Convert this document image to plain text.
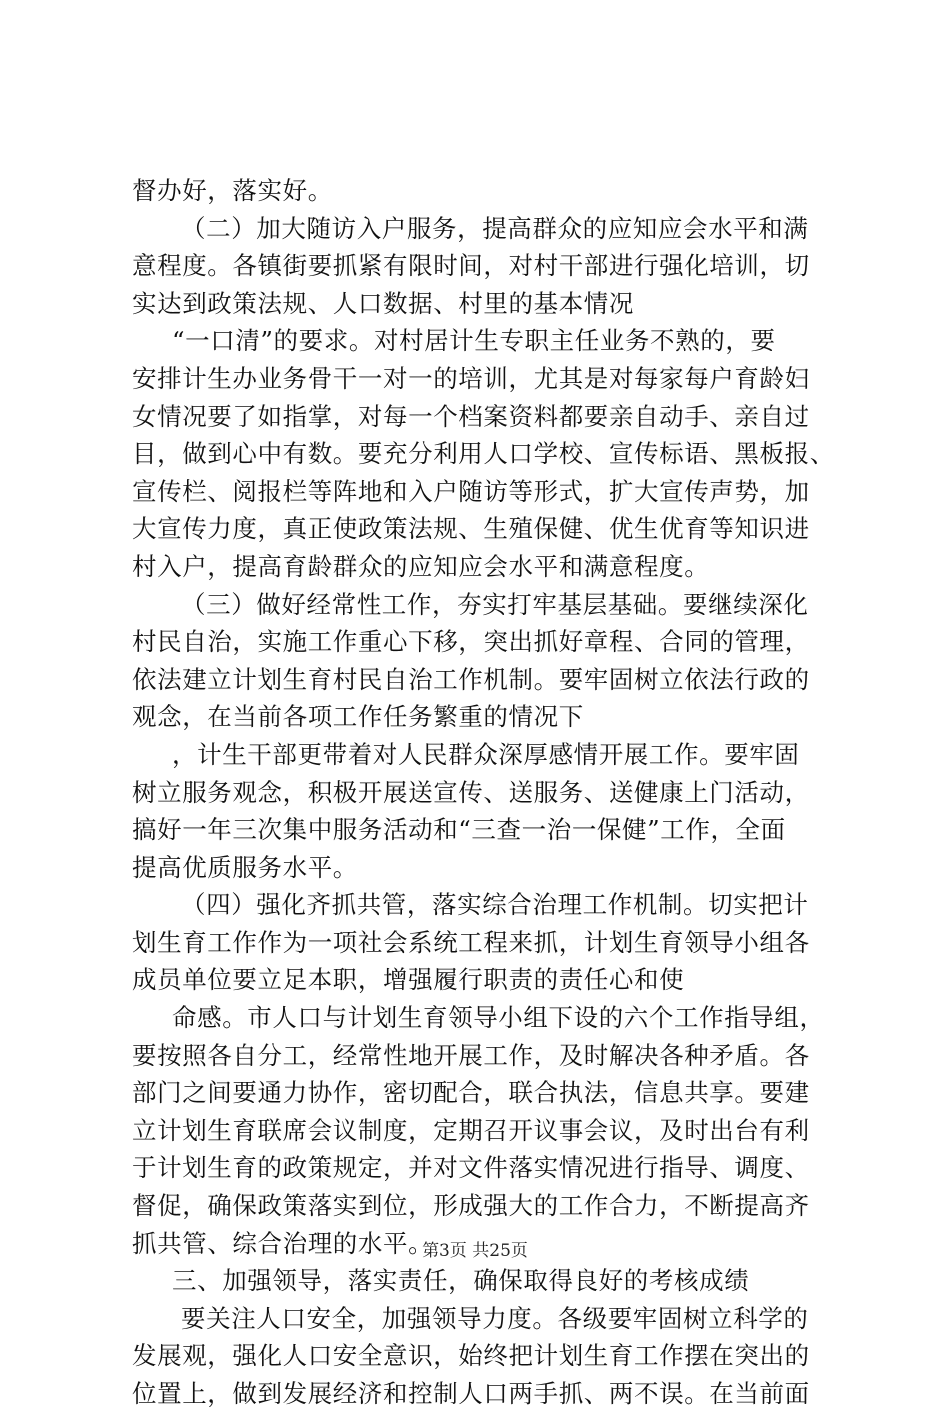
督办好，落实好。
（二）加大随访入户服务，提高群众的应知应会水平和满
意程度。各镇街要抓紧有限时间，对村干部进行强化培训，切
实达到政策法规、人口数据、村里的基本情况
“一口清”的要求。对村居计生专职主任业务不熟的，要
安排计生办业务骨干一对一的培训，尤其是对每家每户育龄妇
女情况要了如指掌，对每一个档案资料都要亲自动手、亲自过
目，做到心中有数。要充分利用人口学校、宣传标语、黑板报、
宣传栏、阅报栏等阵地和入户随访等形式，扩大宣传声势，加
大宣传力度，真正使政策法规、生殖保健、优生优育等知识进
村入户，提高育龄群众的应知应会水平和满意程度。
（三）做好经常性工作，夯实打牢基层基础。要继续深化
村民自治，实施工作重心下移，突出抓好章程、合同的管理，
依法建立计划生育村民自治工作机制。要牢固树立依法行政的
观念，在当前各项工作任务繁重的情况下
，计生干部更带着对人民群众深厚感情开展工作。要牢固
树立服务观念，积极开展送宣传、送服务、送健康上门活动，
搞好一年三次集中服务活动和“三查一治一保健”工作，全面
提高优质服务水平。
（四）强化齐抓共管，落实综合治理工作机制。切实把计
划生育工作作为一项社会系统工程来抓，计划生育领导小组各
成员单位要立足本职，增强履行职责的责任心和使
命感。市人口与计划生育领导小组下设的六个工作指导组，
要按照各自分工，经常性地开展工作，及时解决各种矛盾。各
部门之间要通力协作，密切配合，联合执法，信息共享。要建
立计划生育联席会议制度，定期召开议事会议，及时出台有利
于计划生育的政策规定，并对文件落实情况进行指导、调度、
督促，确保政策落实到位，形成强大的工作合力，不断提高齐
抓共管、综合治理的水平。
三、加强领导，落实责任，确保取得良好的考核成绩
要关注人口安全，加强领导力度。各级要牢固树立科学的
发展观，强化人口安全意识，始终把计划生育工作摆在突出的
位置上，做到发展经济和控制人口两手抓、两不误。在当前面
第3页 共25页
